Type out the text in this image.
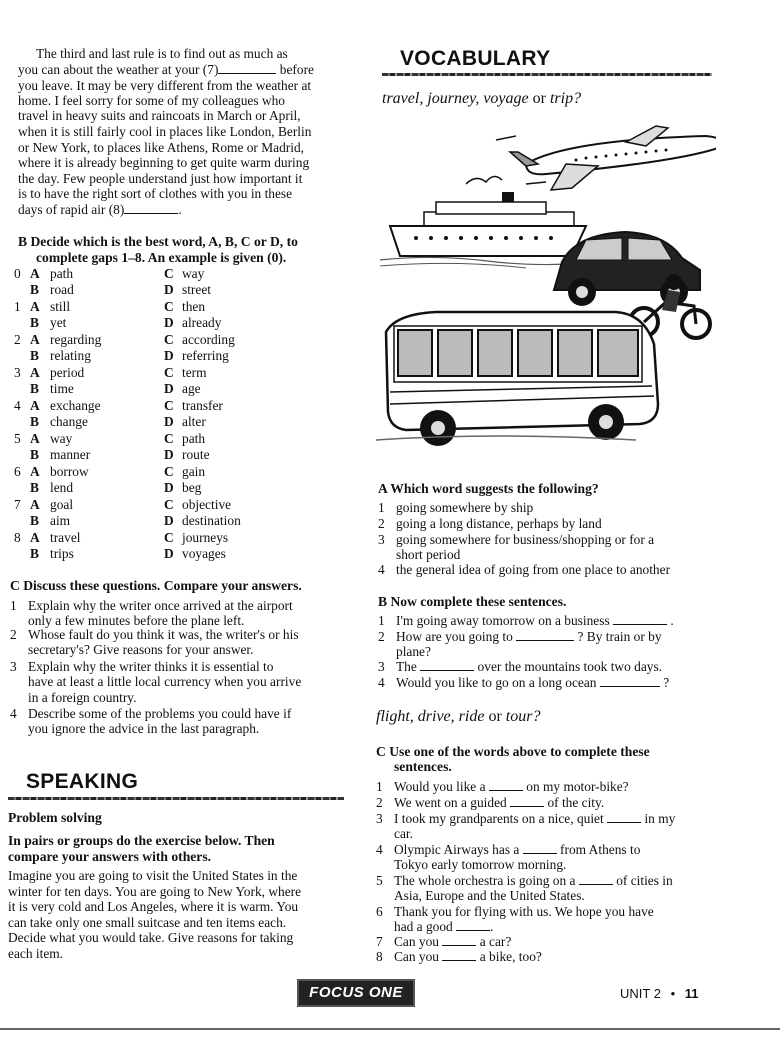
The third and last rule is to find out as much as
you can about the weather at your (7)	before
you leave. It may be very different from the weather at
home. I feel sorry for some of my colleagues who
travel in heavy suits and raincoats in March or April,
when it is still fairly cool in places like London, Berlin
or New York, to places like Athens, Rome or Madrid,
where it is already beginning to get quite warm during
the day. Few people understand just how important it
is to have the right sort of clothes with you in these
days of rapid air (8)	.
B Decide which is the best word, A, B, C or D, to
complete gaps 1–8. An example is given (0).
0 A path	C way
B road	D street
1 A still	C then
B yet	D already
2 A regarding	C according
B relating	D referring
3 A period	C term
B time	D age
4 A exchange	C transfer
B change	D alter
5 A way	C path
B manner	D route
6 A borrow	C gain
B lend	D beg
7 A goal	C objective
B aim	D destination
8 A travel	C journeys
B trips	D voyages
C Discuss these questions. Compare your answers.
1 Explain why the writer once arrived at the airport
only a few minutes before the plane left.
2 Whose fault do you think it was, the writer's or his
secretary's? Give reasons for your answer.
3 Explain why the writer thinks it is essential to
have at least a little local currency when you arrive
in a foreign country.
4 Describe some of the problems you could have if
you ignore the advice in the last paragraph.
SPEAKING
Problem solving
In pairs or groups do the exercise below. Then
compare your answers with others.
Imagine you are going to visit the United States in the
winter for ten days. You are going to New York, where
it is very cold and Los Angeles, where it is warm. You
can take only one small suitcase and ten items each.
Decide what you would take. Give reasons for taking
each item.
VOCABULARY
travel, journey, voyage or trip?
A Which word suggests the following?
1 going somewhere by ship
2 going a long distance, perhaps by land
3 going somewhere for business/shopping or for a
short period
4 the general idea of going from one place to another
B Now complete these sentences.
1 I'm going away tomorrow on a business	.
2 How are you going to	? By train or by
plane?
3 The	over the mountains took two days.
4 Would you like to go on a long ocean	?
flight, drive, ride or tour?
C Use one of the words above to complete these
sentences.
1 Would you like a	on my motor-bike?
2 We went on a guided	of the city.
3 I took my grandparents on a nice, quiet	in my
car.
4 Olympic Airways has a	from Athens to
Tokyo early tomorrow morning.
5 The whole orchestra is going on a	of cities in
Asia, Europe and the United States.
6 Thank you for flying with us. We hope you have
had a good	.
7 Can you	a car?
8 Can you	a bike, too?
FOCUS ONE	UNIT 2 • 11
